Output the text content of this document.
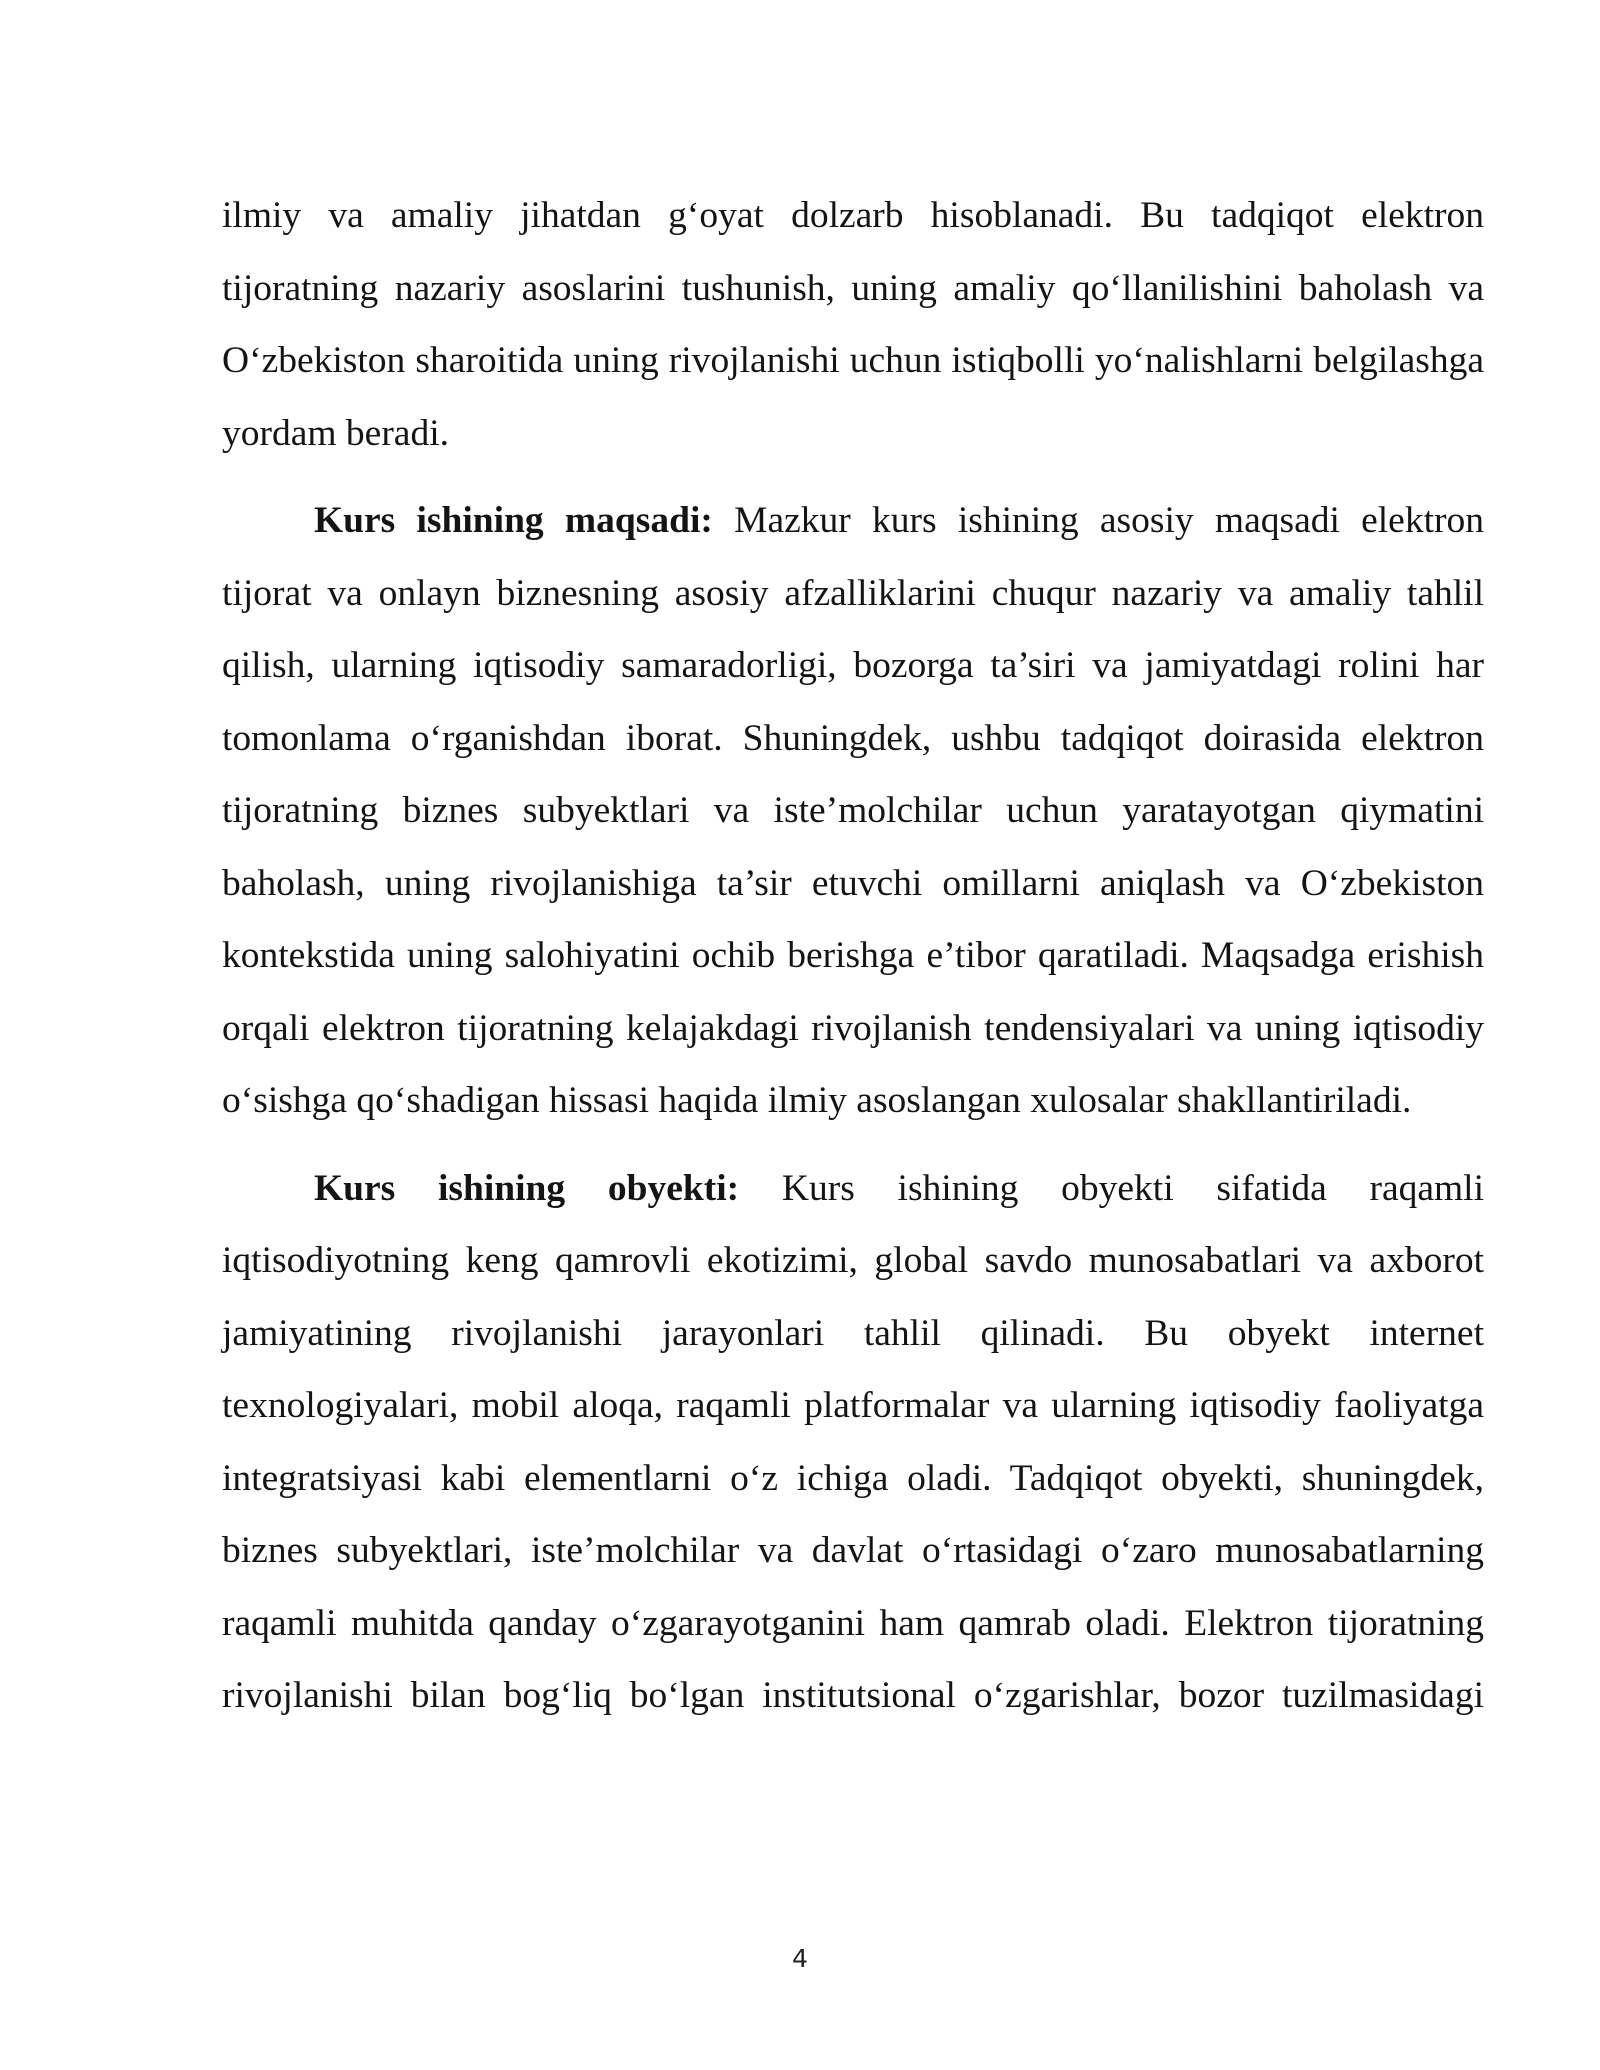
ilmiy va amaliy jihatdan g‘oyat dolzarb hisoblanadi. Bu tadqiqot elektron tijoratning nazariy asoslarini tushunish, uning amaliy qo‘llanilishini baholash va O‘zbekiston sharoitida uning rivojlanishi uchun istiqbolli yo‘nalishlarni belgilashga yordam beradi.

Kurs ishining maqsadi: Mazkur kurs ishining asosiy maqsadi elektron tijorat va onlayn biznesning asosiy afzalliklarini chuqur nazariy va amaliy tahlil qilish, ularning iqtisodiy samaradorligi, bozorga ta’siri va jamiyatdagi rolini har tomonlama o‘rganishdan iborat. Shuningdek, ushbu tadqiqot doirasida elektron tijoratning biznes subyektlari va iste’molchilar uchun yaratayotgan qiymatini baholash, uning rivojlanishiga ta’sir etuvchi omillarni aniqlash va O‘zbekiston kontekstida uning salohiyatini ochib berishga e’tibor qaratiladi. Maqsadga erishish orqali elektron tijoratning kelajakdagi rivojlanish tendensiyalari va uning iqtisodiy o‘sishga qo‘shadigan hissasi haqida ilmiy asoslangan xulosalar shakllantiriladi.

Kurs ishining obyekti: Kurs ishining obyekti sifatida raqamli iqtisodiyotning keng qamrovli ekotizimi, global savdo munosabatlari va axborot jamiyatining rivojlanishi jarayonlari tahlil qilinadi. Bu obyekt internet texnologiyalari, mobil aloqa, raqamli platformalar va ularning iqtisodiy faoliyatga integratsiyasi kabi elementlarni o‘z ichiga oladi. Tadqiqot obyekti, shuningdek, biznes subyektlari, iste’molchilar va davlat o‘rtasidagi o‘zaro munosabatlarning raqamli muhitda qanday o‘zgarayotganini ham qamrab oladi. Elektron tijoratning rivojlanishi bilan bog‘liq bo‘lgan institutsional o‘zgarishlar, bozor tuzilmasidagi

4
